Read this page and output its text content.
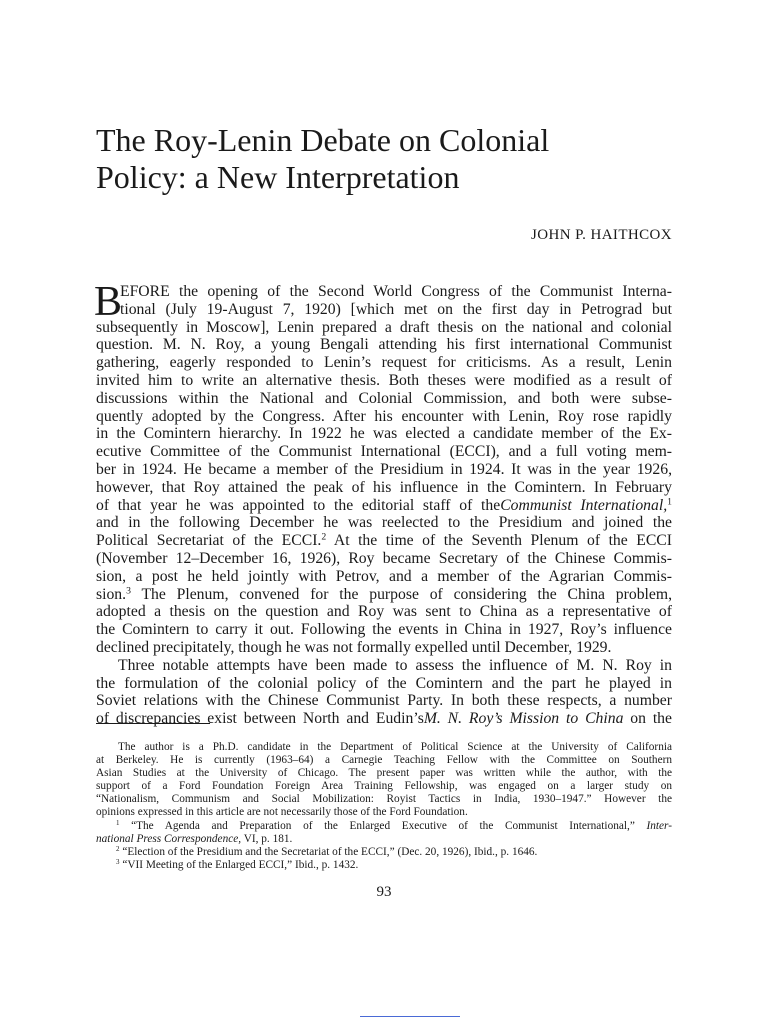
The Roy-Lenin Debate on Colonial
Policy: a New Interpretation
JOHN P. HAITHCOX
B
EFORE the opening of the Second World Congress of the Communist Interna-
tional (July 19-August 7, 1920) [which met on the first day in Petrograd but
subsequently in Moscow], Lenin prepared a draft thesis on the national and colonial
question. M. N. Roy, a young Bengali attending his first international Communist
gathering, eagerly responded to Lenin’s request for criticisms. As a result, Lenin
invited him to write an alternative thesis. Both theses were modified as a result of
discussions within the National and Colonial Commission, and both were subse-
quently adopted by the Congress. After his encounter with Lenin, Roy rose rapidly
in the Comintern hierarchy. In 1922 he was elected a candidate member of the Ex-
ecutive Committee of the Communist International (ECCI), and a full voting mem-
ber in 1924. He became a member of the Presidium in 1924. It was in the year 1926,
however, that Roy attained the peak of his influence in the Comintern. In February
of that year he was appointed to the editorial staff of theCommunist International,$^1$
and in the following December he was reelected to the Presidium and joined the
Political Secretariat of the ECCI.$^2$ At the time of the Seventh Plenum of the ECCI
(November 12–December 16, 1926), Roy became Secretary of the Chinese Commis-
sion, a post he held jointly with Petrov, and a member of the Agrarian Commis-
sion.$^3$ The Plenum, convened for the purpose of considering the China problem,
adopted a thesis on the question and Roy was sent to China as a representative of
the Comintern to carry it out. Following the events in China in 1927, Roy’s influence
declined precipitately, though he was not formally expelled until December, 1929.
Three notable attempts have been made to assess the influence of M. N. Roy in
the formulation of the colonial policy of the Comintern and the part he played in
Soviet relations with the Chinese Communist Party. In both these respects, a number
of discrepancies exist between North and Eudin’sM. N. Roy’s Mission to China on the
The author is a Ph.D. candidate in the Department of Political Science at the University of California
at Berkeley. He is currently (1963–64) a Carnegie Teaching Fellow with the Committee on Southern
Asian Studies at the University of Chicago. The present paper was written while the author, with the
support of a Ford Foundation Foreign Area Training Fellowship, was engaged on a larger study on
“Nationalism, Communism and Social Mobilization: Royist Tactics in India, 1930–1947.” However the
opinions expressed in this article are not necessarily those of the Ford Foundation.
$^1$ “The Agenda and Preparation of the Enlarged Executive of the Communist International,” Inter-
national Press Correspondence, VI, p. 181.
$^2$ “Election of the Presidium and the Secretariat of the ECCI,” (Dec. 20, 1926), Ibid., p. 1646.
$^3$ “VII Meeting of the Enlarged ECCI,” Ibid., p. 1432.
93
